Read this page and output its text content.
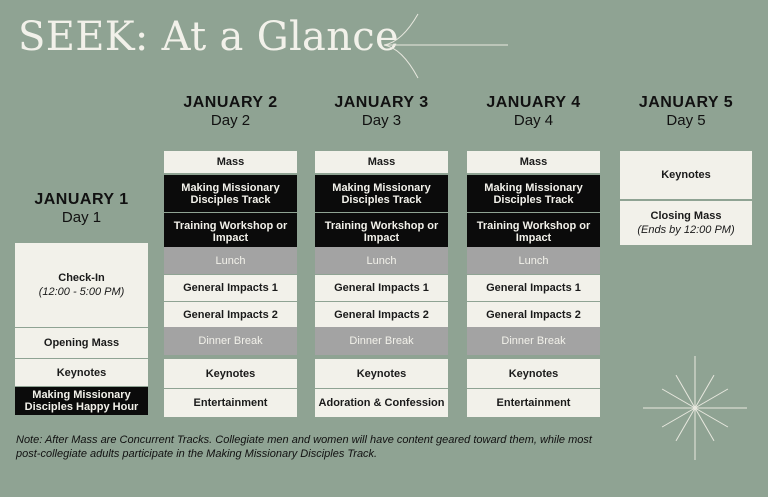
SEEK: At a Glance
JANUARY 1
Day 1
Check-In
(12:00 - 5:00 PM)
Opening Mass
Keynotes
Making Missionary Disciples Happy Hour
JANUARY 2
Day 2
Mass
Making Missionary Disciples Track
Training Workshop or Impact
Lunch
General Impacts 1
General Impacts 2
Dinner Break
Keynotes
Entertainment
JANUARY 3
Day 3
Mass
Making Missionary Disciples Track
Training Workshop or Impact
Lunch
General Impacts 1
General Impacts 2
Dinner Break
Keynotes
Adoration & Confession
JANUARY 4
Day 4
Mass
Making Missionary Disciples Track
Training Workshop or Impact
Lunch
General Impacts 1
General Impacts 2
Dinner Break
Keynotes
Entertainment
JANUARY 5
Day 5
Keynotes
Closing Mass
(Ends by 12:00 PM)
Note: After Mass are Concurrent Tracks. Collegiate men and women will have content geared toward them, while most post-collegiate adults participate in the Making Missionary Disciples Track.
